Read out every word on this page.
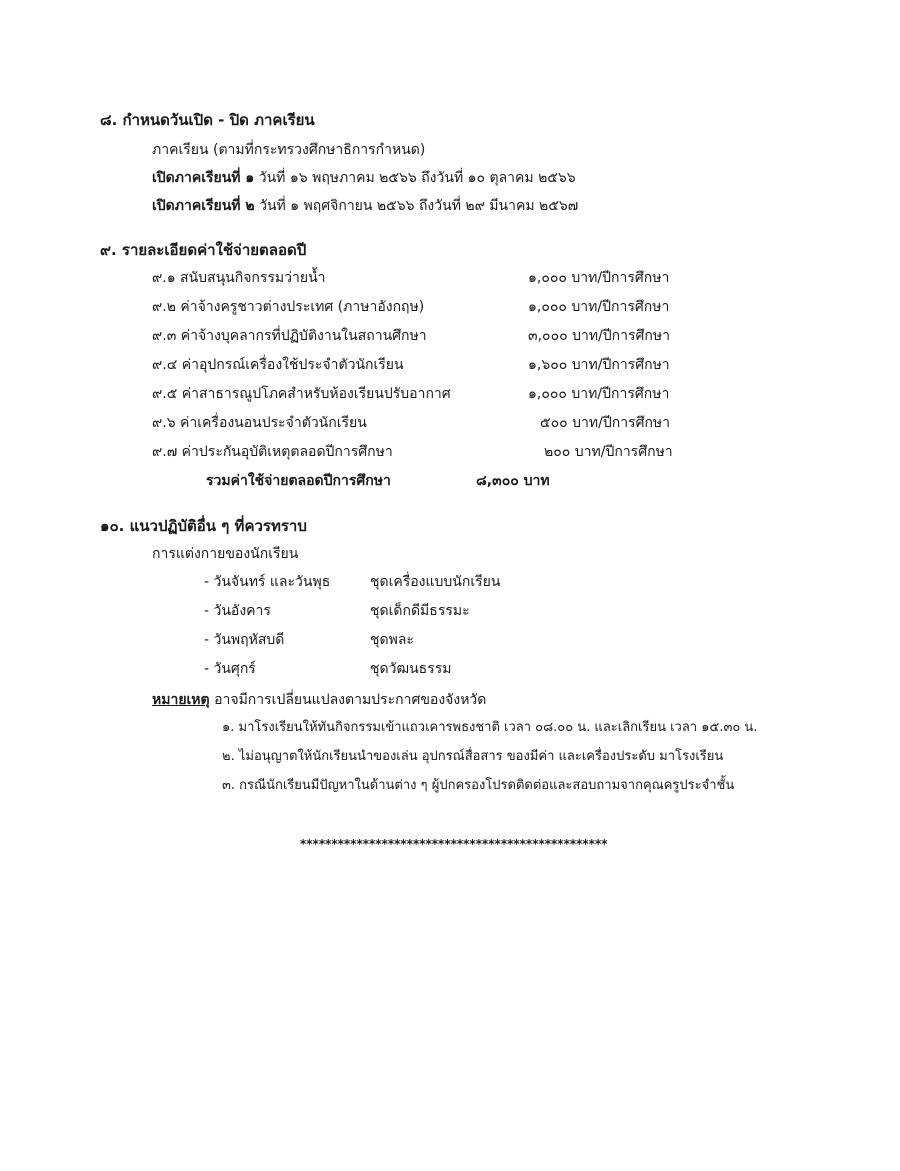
๘. กำหนดวันเปิด - ปิด ภาคเรียน
ภาคเรียน (ตามที่กระทรวงศึกษาธิการกำหนด)
เปิดภาคเรียนที่ ๑ วันที่ ๑๖ พฤษภาคม ๒๕๖๖ ถึงวันที่ ๑๐ ตุลาคม ๒๕๖๖
เปิดภาคเรียนที่ ๒ วันที่ ๑ พฤศจิกายน ๒๕๖๖ ถึงวันที่ ๒๙ มีนาคม ๒๕๖๗
๙. รายละเอียดค่าใช้จ่ายตลอดปี
๙.๑ สนับสนุนกิจกรรมว่ายน้ำ	๑,๐๐๐ บาท/ปีการศึกษา
๙.๒ ค่าจ้างครูชาวต่างประเทศ (ภาษาอังกฤษ)	๑,๐๐๐ บาท/ปีการศึกษา
๙.๓ ค่าจ้างบุคลากรที่ปฏิบัติงานในสถานศึกษา	๓,๐๐๐ บาท/ปีการศึกษา
๙.๔ ค่าอุปกรณ์เครื่องใช้ประจำตัวนักเรียน	๑,๖๐๐ บาท/ปีการศึกษา
๙.๕ ค่าสาธารณูปโภคสำหรับห้องเรียนปรับอากาศ	๑,๐๐๐ บาท/ปีการศึกษา
๙.๖ ค่าเครื่องนอนประจำตัวนักเรียน	๕๐๐ บาท/ปีการศึกษา
๙.๗ ค่าประกันอุบัติเหตุตลอดปีการศึกษา	๒๐๐ บาท/ปีการศึกษา
รวมค่าใช้จ่ายตลอดปีการศึกษา	๘,๓๐๐ บาท
๑๐. แนวปฏิบัติอื่น ๆ ที่ควรทราบ
การแต่งกายของนักเรียน
- วันจันทร์ และวันพุธ	ชุดเครื่องแบบนักเรียน
- วันอังคาร	ชุดเด็กดีมีธรรมะ
- วันพฤหัสบดี	ชุดพละ
- วันศุกร์	ชุดวัฒนธรรม
หมายเหตุ อาจมีการเปลี่ยนแปลงตามประกาศของจังหวัด
๑. มาโรงเรียนให้ทันกิจกรรมเข้าแถวเคารพธงชาติ เวลา ๐๘.๐๐ น. และเลิกเรียน เวลา ๑๕.๓๐ น.
๒. ไม่อนุญาตให้นักเรียนนำของเล่น อุปกรณ์สื่อสาร ของมีค่า และเครื่องประดับ มาโรงเรียน
๓. กรณีนักเรียนมีปัญหาในด้านต่าง ๆ ผู้ปกครองโปรดติดต่อและสอบถามจากคุณครูประจำชั้น
*************************************************
